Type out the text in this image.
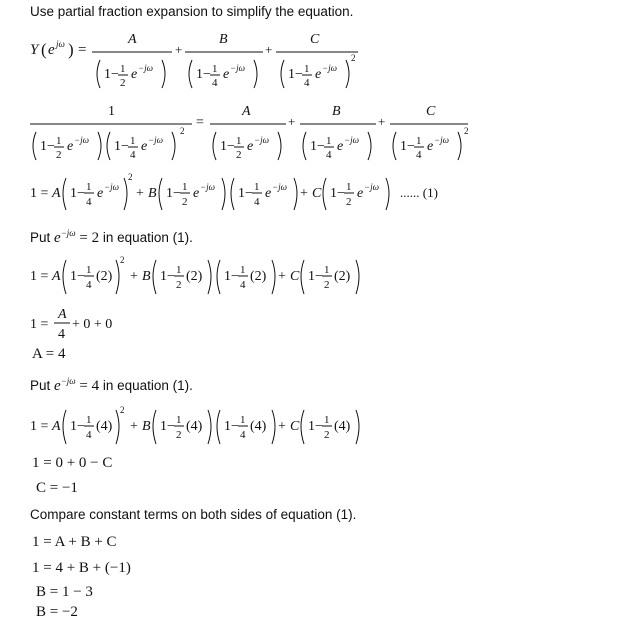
Use partial fraction expansion to simplify the equation.
Y ( e jω ) =
A
1− 1
2
e −jω
+
B
1− 1
4
e −jω
+
C
1− 1
4
e −jω
2
1
1− 1
2
e −jω 1− 1
4
e −jω
2
=
A
1− 1
2
e −jω
+
B
1− 1
4
e −jω
+
C
1− 1
4
e −jω
2
1 = A 1− 1
4
e −jω
2
+ B 1− 1
2
e −jω 1− 1
4
e −jω + C 1− 1
2
e −jω ...... (1)
Put $e^{-j\omega} = 2$ in equation (1).
1 = A 1− 1
4
(2)
2
+ B 1− 1
2
(2) 1− 1
4
(2) + C 1− 1
2
(2)
1 =
A
4
+ 0 + 0
A = 4
Put $e^{-j\omega} = 4$ in equation (1).
1 = A 1− 1
4
(4)
2
+ B 1− 1
2
(4) 1− 1
4
(4) + C 1− 1
2
(4)
1 = 0 + 0 − C
C = −1
Compare constant terms on both sides of equation (1).
1 = A + B + C
1 = 4 + B + (−1)
B = 1 − 3
B = −2
